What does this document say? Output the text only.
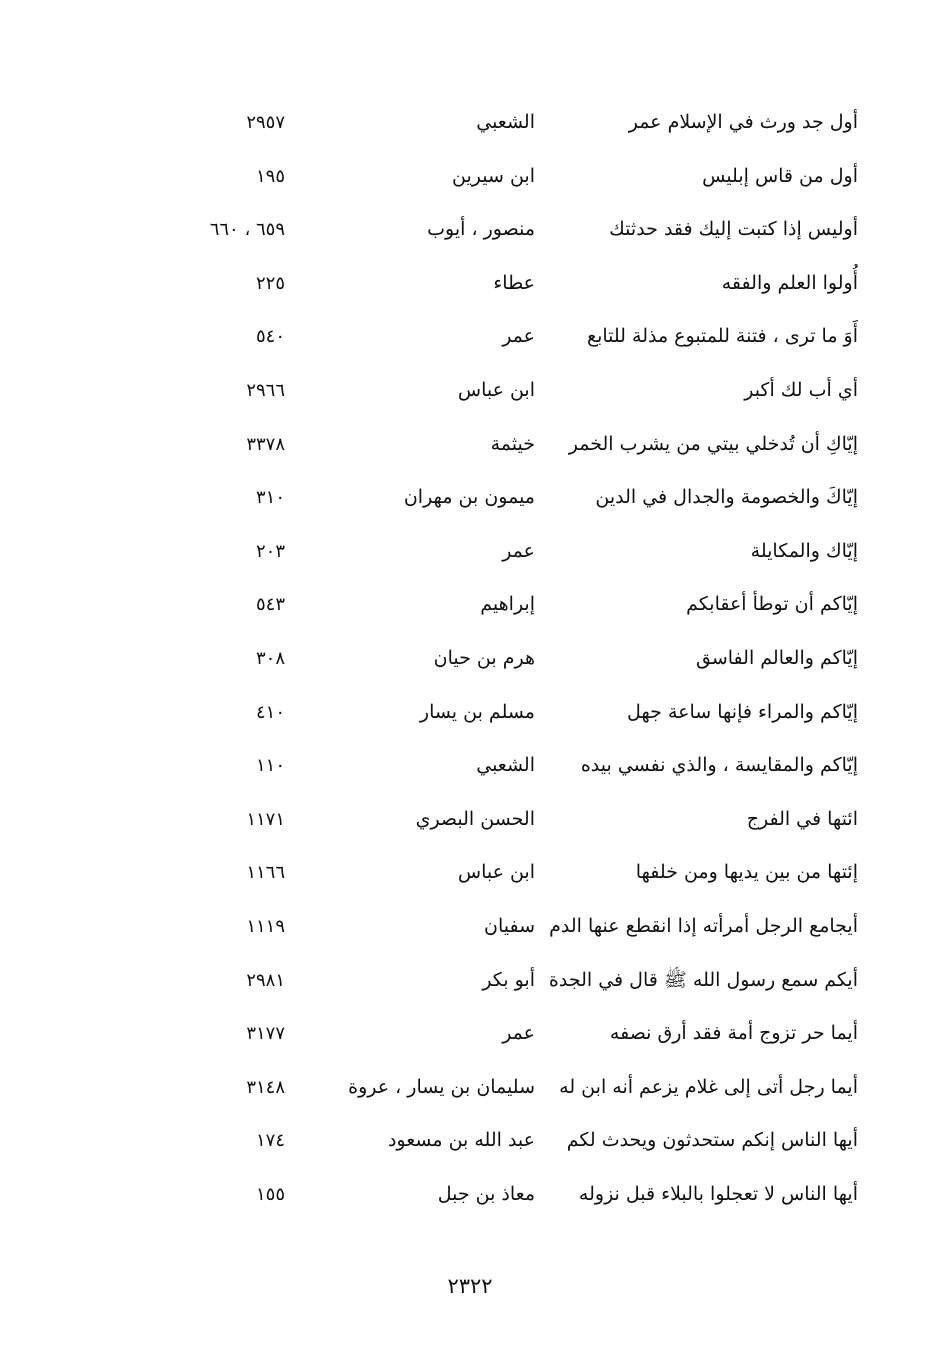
أول جد ورث في الإسلام عمر
الشعبي
٢٩٥٧
أول من قاس إبليس
ابن سيرين
١٩٥
أوليس إذا كتبت إليك فقد حدثتك
منصور ، أيوب
٦٥٩ ، ٦٦٠
أُولوا العلم والفقه
عطاء
٢٢٥
أَوَ ما ترى ، فتنة للمتبوع مذلة للتابع
عمر
٥٤٠
أي أب لك أكبر
ابن عباس
٢٩٦٦
إيّاكِ أن تُدخلي بيتي من يشرب الخمر
خيثمة
٣٣٧٨
إيّاكَ والخصومة والجدال في الدين
ميمون بن مهران
٣١٠
إيّاك والمكايلة
عمر
٢٠٣
إيّاكم أن توطأ أعقابكم
إبراهيم
٥٤٣
إيّاكم والعالم الفاسق
هرم بن حيان
٣٠٨
إيّاكم والمراء فإنها ساعة جهل
مسلم بن يسار
٤١٠
إيّاكم والمقايسة ، والذي نفسي بيده
الشعبي
١١٠
ائتها في الفرج
الحسن البصري
١١٧١
إئتها من بين يديها ومن خلفها
ابن عباس
١١٦٦
أيجامع الرجل أمرأته إذا انقطع عنها الدم
سفيان
١١١٩
أيكم سمع رسول الله ﷺ قال في الجدة
أبو بكر
٢٩٨١
أيما حر تزوج أمة فقد أرق نصفه
عمر
٣١٧٧
أيما رجل أتى إلى غلام يزعم أنه ابن له
سليمان بن يسار ، عروة
٣١٤٨
أيها الناس إنكم ستحدثون ويحدث لكم
عبد الله بن مسعود
١٧٤
أيها الناس لا تعجلوا بالبلاء قبل نزوله
معاذ بن جبل
١٥٥
٢٣٢٢
